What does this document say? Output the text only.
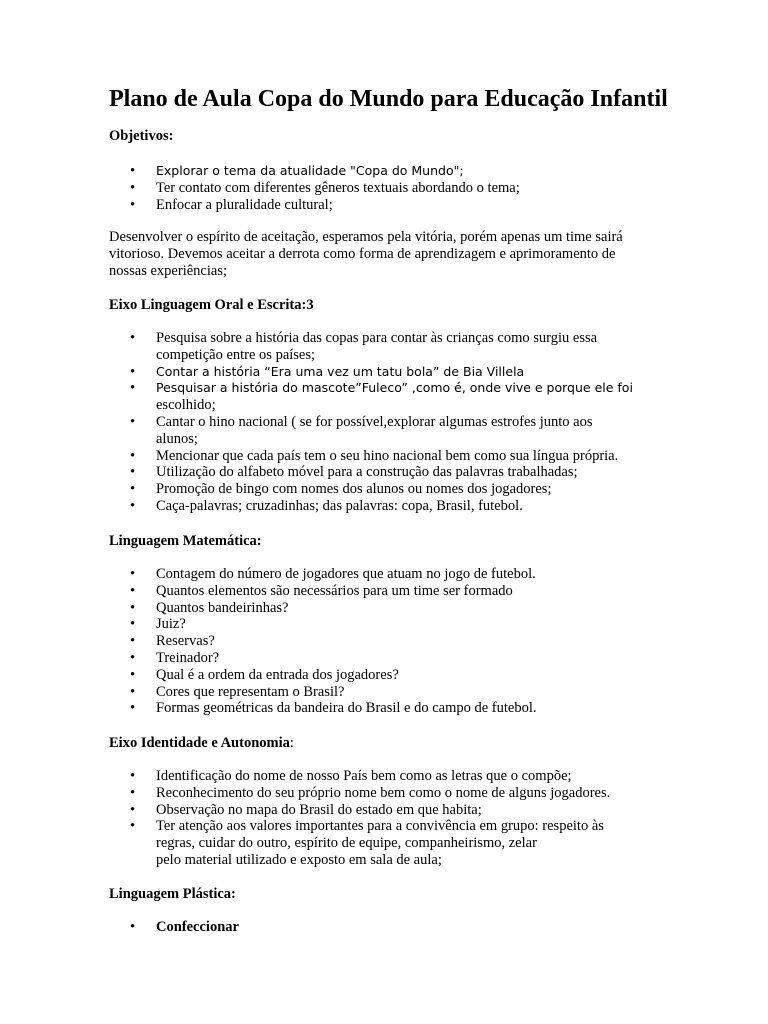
Plano de Aula Copa do Mundo para Educação Infantil
Objetivos:
• Explorar o tema da atualidade "Copa do Mundo";
• Ter contato com diferentes gêneros textuais abordando o tema;
• Enfocar a pluralidade cultural;
Desenvolver o espírito de aceitação, esperamos pela vitória, porém apenas um time sairá
vitorioso. Devemos aceitar a derrota como forma de aprendizagem e aprimoramento de
nossas experiências;
Eixo Linguagem Oral e Escrita:3
• Pesquisa sobre a história das copas para contar às crianças como surgiu essa
competição entre os países;
• Contar a história “Era uma vez um tatu bola” de Bia Villela
• Pesquisar a história do mascote”Fuleco” ,como é, onde vive e porque ele foi
escolhido;
• Cantar o hino nacional ( se for possível,explorar algumas estrofes junto aos
alunos;
• Mencionar que cada país tem o seu hino nacional bem como sua língua própria.
• Utilização do alfabeto móvel para a construção das palavras trabalhadas;
• Promoção de bingo com nomes dos alunos ou nomes dos jogadores;
• Caça-palavras; cruzadinhas; das palavras: copa, Brasil, futebol.
Linguagem Matemática:
• Contagem do número de jogadores que atuam no jogo de futebol.
• Quantos elementos são necessários para um time ser formado
• Quantos bandeirinhas?
• Juiz?
• Reservas?
• Treinador?
• Qual é a ordem da entrada dos jogadores?
• Cores que representam o Brasil?
• Formas geométricas da bandeira do Brasil e do campo de futebol.
Eixo Identidade e Autonomia:
• Identificação do nome de nosso País bem como as letras que o compõe;
• Reconhecimento do seu próprio nome bem como o nome de alguns jogadores.
• Observação no mapa do Brasil do estado em que habita;
• Ter atenção aos valores importantes para a convivência em grupo: respeito às
regras, cuidar do outro, espírito de equipe, companheirismo, zelar
pelo material utilizado e exposto em sala de aula;
Linguagem Plástica:
• Confeccionar
